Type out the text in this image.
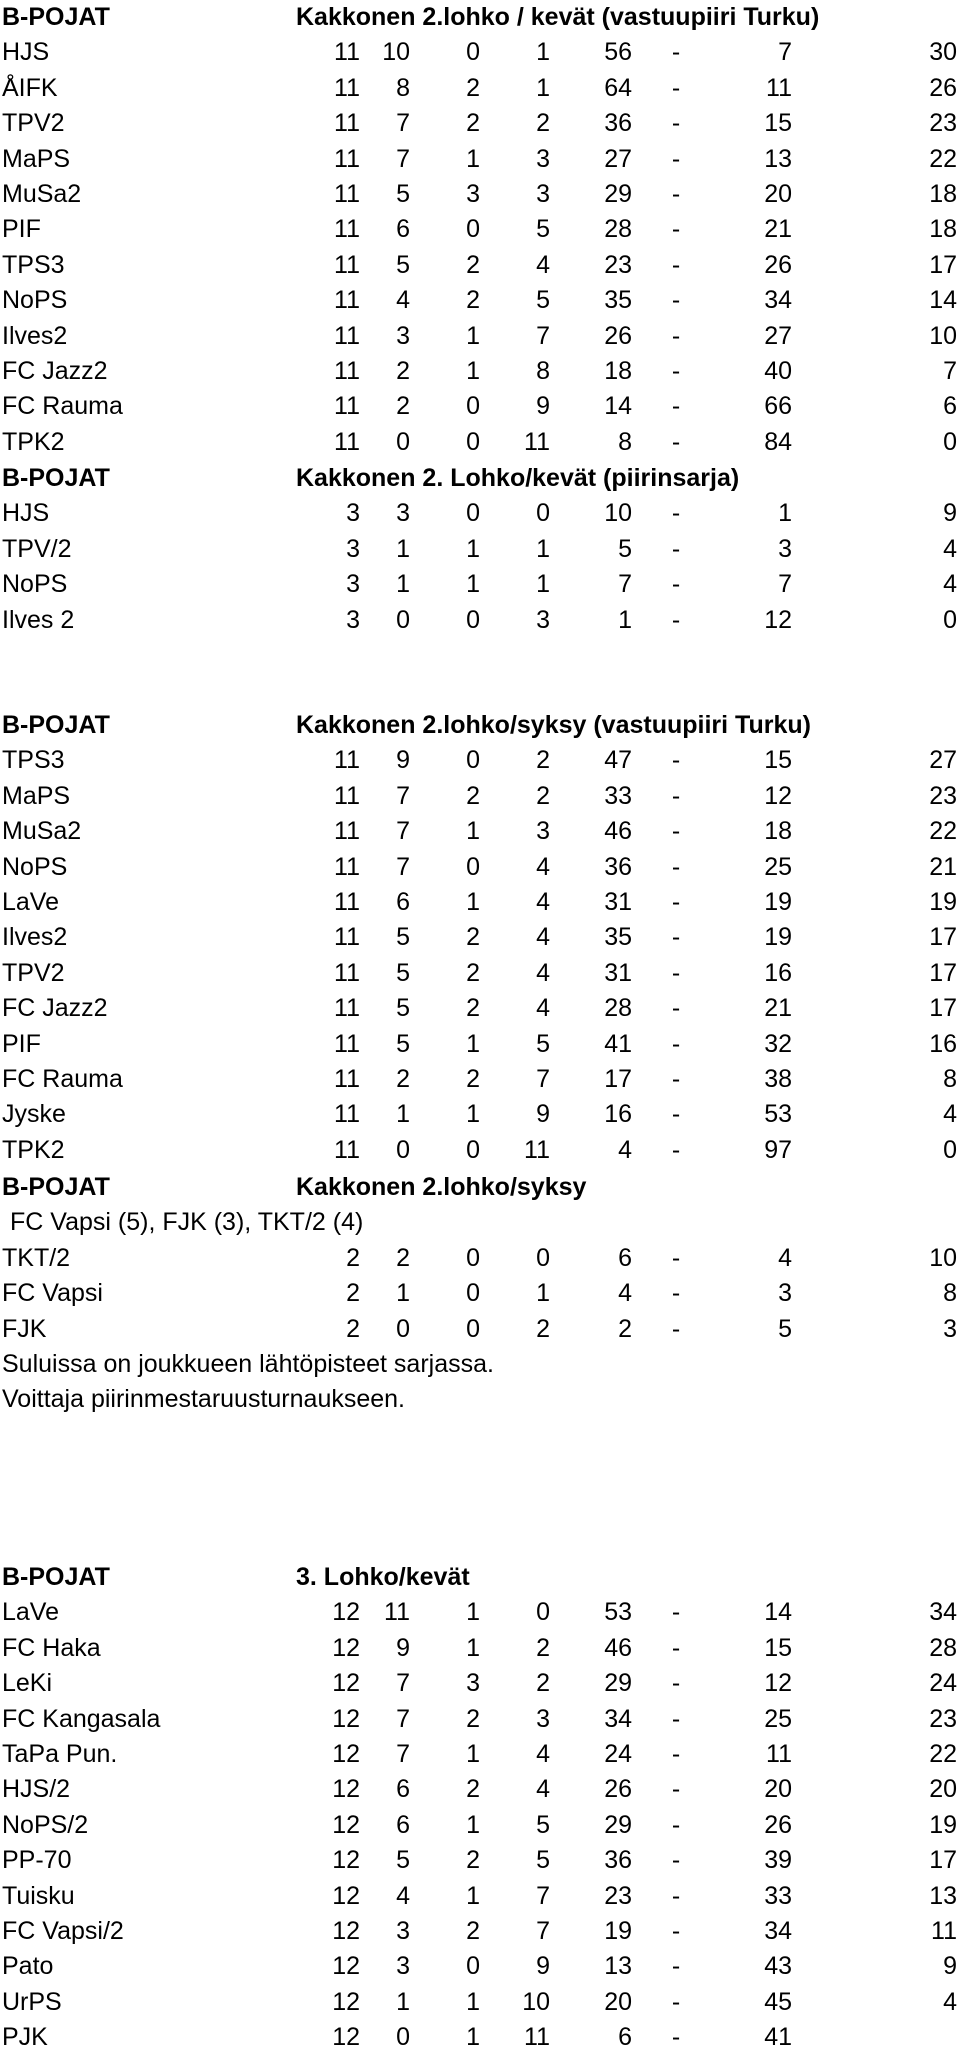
B-POJAT	Kakkonen 2.lohko / kevät (vastuupiiri Turku)
HJS	11 10	0	1	56 -	7	30
ÅIFK	11	8	2	1	64 -	11	26
TPV2	11	7	2	2	36 -	15	23
MaPS	11	7	1	3	27 -	13	22
MuSa2	11	5	3	3	29 -	20	18
PIF	11	6	0	5	28 -	21	18
TPS3	11	5	2	4	23 -	26	17
NoPS	11	4	2	5	35 -	34	14
Ilves2	11	3	1	7	26 -	27	10
FC Jazz2	11	2	1	8	18 -	40	7
FC Rauma	11	2	0	9	14 -	66	6
TPK2	11	0	0	11	8 -	84	0
B-POJAT	Kakkonen 2. Lohko/kevät (piirinsarja)
HJS	3	3	0	0	10 -	1	9
TPV/2	3	1	1	1	5 -	3	4
NoPS	3	1	1	1	7 -	7	4
Ilves 2	3	0	0	3	1 -	12	0
B-POJAT	Kakkonen 2.lohko/syksy (vastuupiiri Turku)
TPS3	11	9	0	2	47 -	15	27
MaPS	11	7	2	2	33 -	12	23
MuSa2	11	7	1	3	46 -	18	22
NoPS	11	7	0	4	36 -	25	21
LaVe	11	6	1	4	31 -	19	19
Ilves2	11	5	2	4	35 -	19	17
TPV2	11	5	2	4	31 -	16	17
FC Jazz2	11	5	2	4	28 -	21	17
PIF	11	5	1	5	41 -	32	16
FC Rauma	11	2	2	7	17 -	38	8
Jyske	11	1	1	9	16 -	53	4
TPK2	11	0	0	11	4 -	97	0
B-POJAT	Kakkonen 2.lohko/syksy
FC Vapsi (5), FJK (3), TKT/2 (4)
TKT/2	2	2	0	0	6 -	4	10
FC Vapsi	2	1	0	1	4 -	3	8
FJK	2	0	0	2	2 -	5	3
Suluissa on joukkueen lähtöpisteet sarjassa.
Voittaja piirinmestaruusturnaukseen.
B-POJAT	3. Lohko/kevät
LaVe	12 11	1	0	53 -	14	34
FC Haka	12	9	1	2	46 -	15	28
LeKi	12	7	3	2	29 -	12	24
FC Kangasala	12	7	2	3	34 -	25	23
TaPa Pun.	12	7	1	4	24 -	11	22
HJS/2	12	6	2	4	26 -	20	20
NoPS/2	12	6	1	5	29 -	26	19
PP-70	12	5	2	5	36 -	39	17
Tuisku	12	4	1	7	23 -	33	13
FC Vapsi/2	12	3	2	7	19 -	34	11
Pato	12	3	0	9	13 -	43	9
UrPS	12	1	1	10	20 -	45	4
PJK	12	0	1	11	6 -	41
